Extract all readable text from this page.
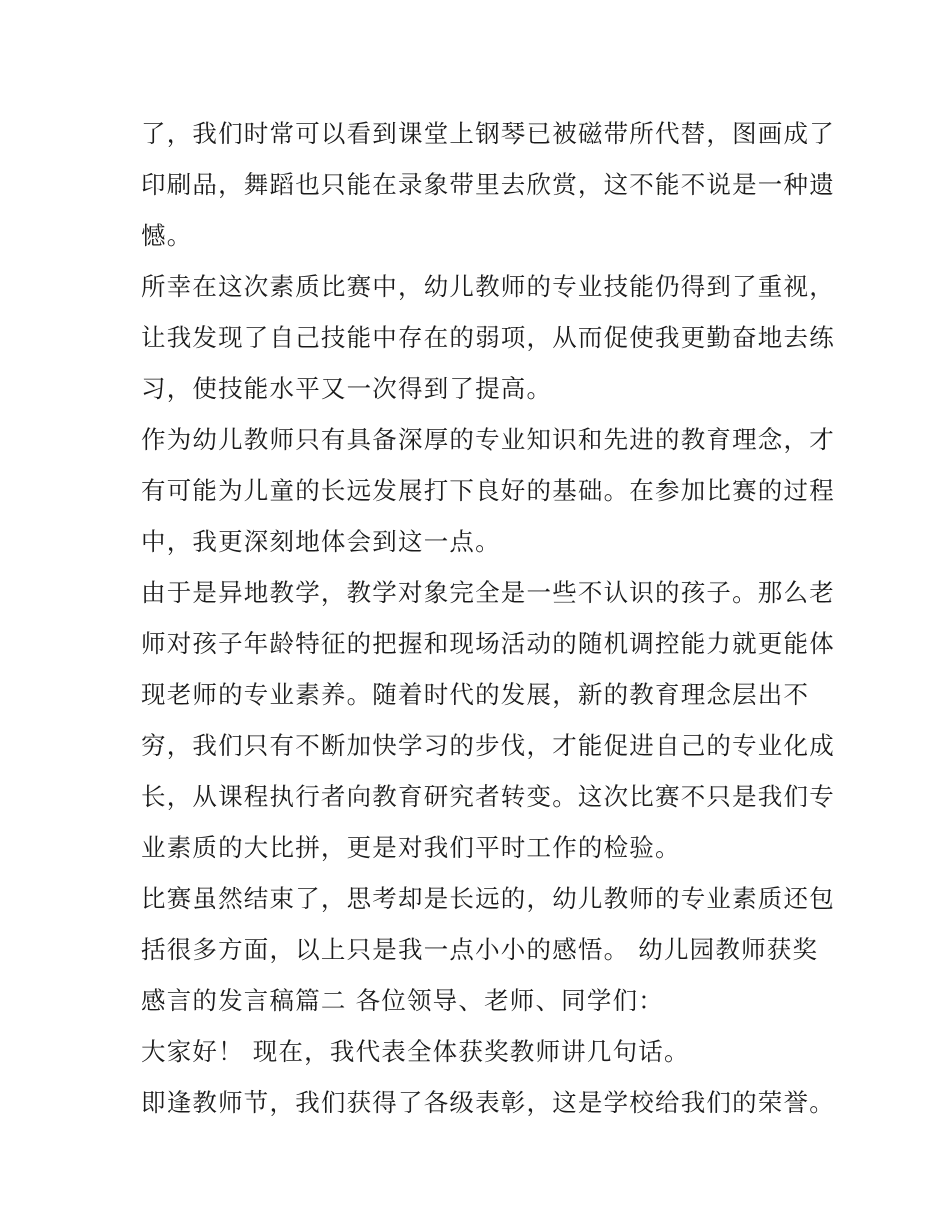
了，我们时常可以看到课堂上钢琴已被磁带所代替，图画成了
印刷品，舞蹈也只能在录象带里去欣赏，这不能不说是一种遗
憾。
所幸在这次素质比赛中，幼儿教师的专业技能仍得到了重视，
让我发现了自己技能中存在的弱项，从而促使我更勤奋地去练
习，使技能水平又一次得到了提高。
作为幼儿教师只有具备深厚的专业知识和先进的教育理念，才
有可能为儿童的长远发展打下良好的基础。在参加比赛的过程
中，我更深刻地体会到这一点。
由于是异地教学，教学对象完全是一些不认识的孩子。那么老
师对孩子年龄特征的把握和现场活动的随机调控能力就更能体
现老师的专业素养。随着时代的发展，新的教育理念层出不
穷，我们只有不断加快学习的步伐，才能促进自己的专业化成
长，从课程执行者向教育研究者转变。这次比赛不只是我们专
业素质的大比拼，更是对我们平时工作的检验。
比赛虽然结束了，思考却是长远的，幼儿教师的专业素质还包
括很多方面，以上只是我一点小小的感悟。 幼儿园教师获奖
感言的发言稿篇二 各位领导、老师、同学们：
大家好！ 现在，我代表全体获奖教师讲几句话。
即逢教师节，我们获得了各级表彰，这是学校给我们的荣誉。
